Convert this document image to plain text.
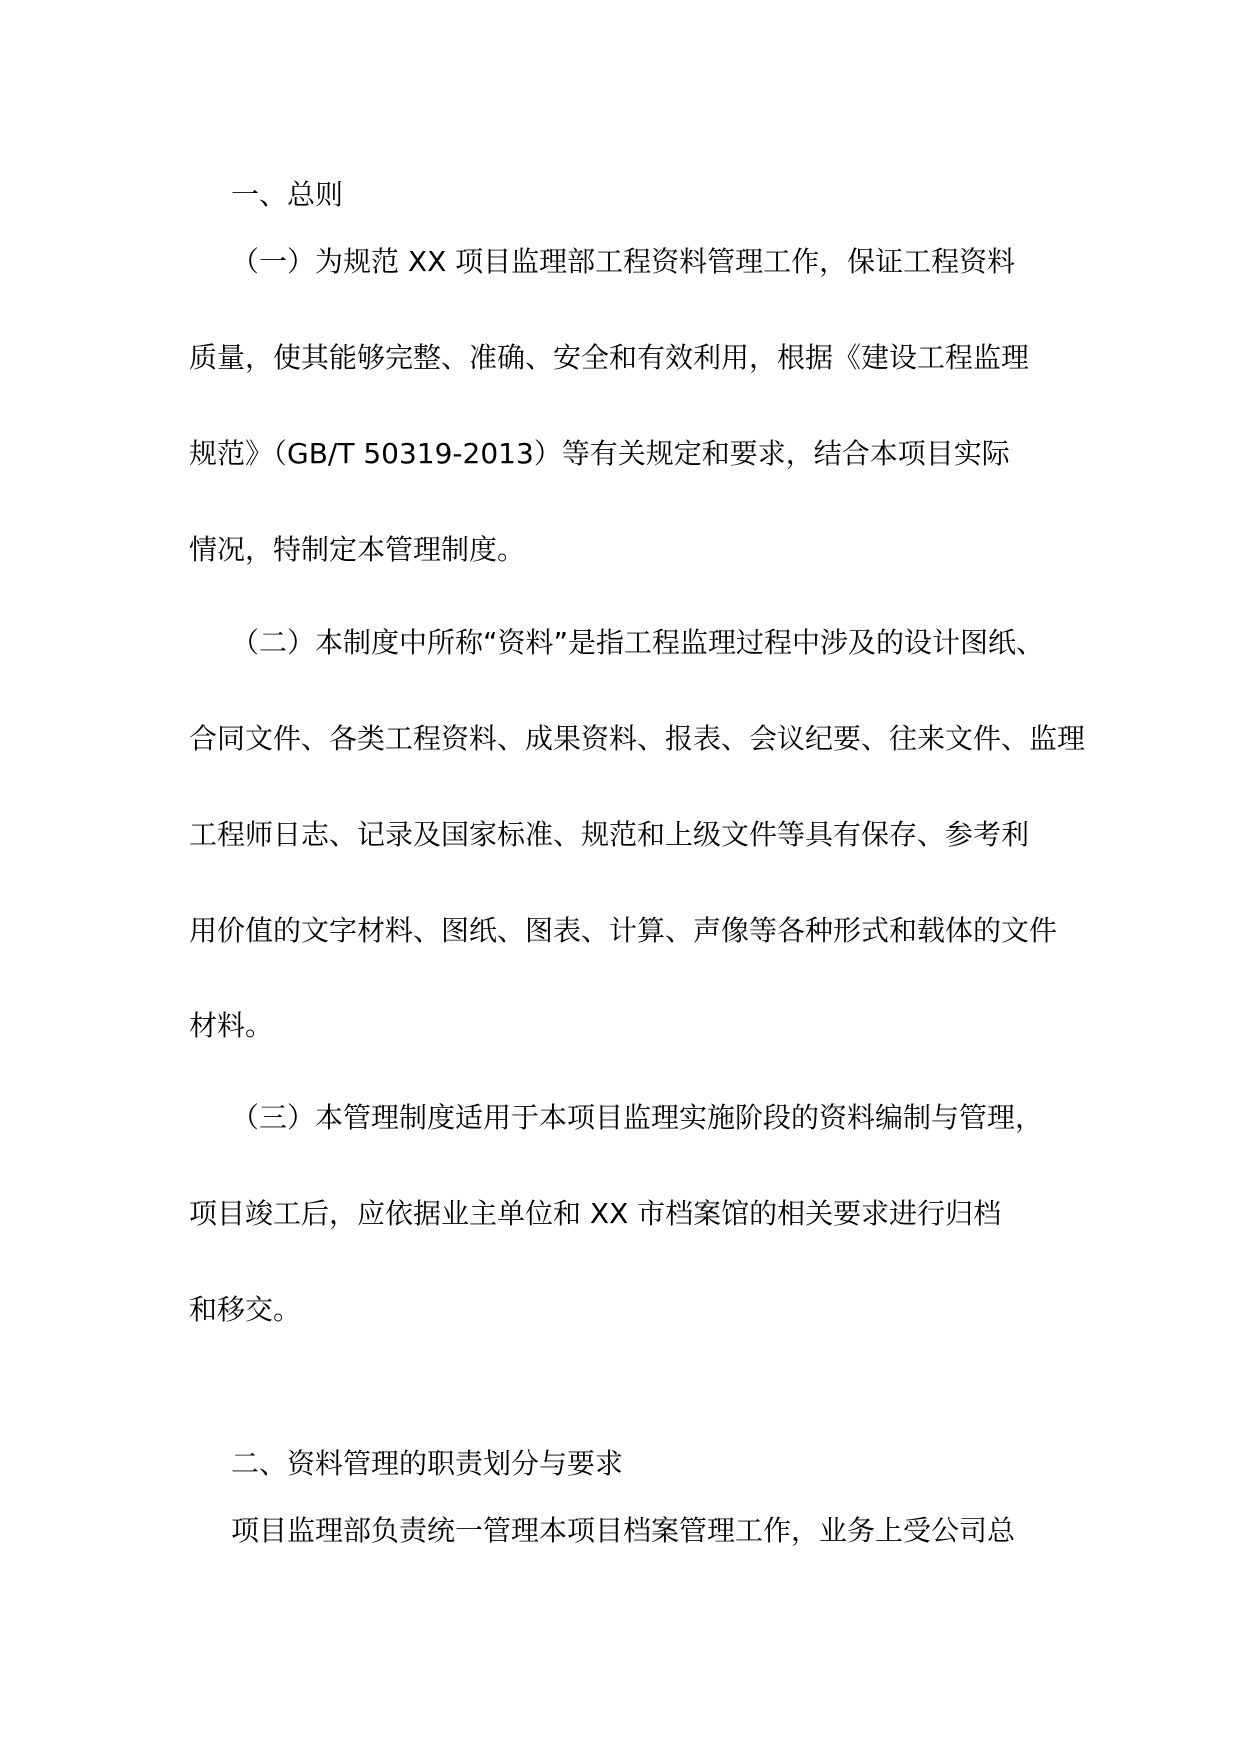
一、总则
（一）为规范 XX 项目监理部工程资料管理工作，保证工程资料
质量，使其能够完整、准确、安全和有效利用，根据《建设工程监理
规范》（GB/T 50319-2013）等有关规定和要求，结合本项目实际
情况，特制定本管理制度。
（二）本制度中所称“资料”是指工程监理过程中涉及的设计图纸、
合同文件、各类工程资料、成果资料、报表、会议纪要、往来文件、监理
工程师日志、记录及国家标准、规范和上级文件等具有保存、参考利
用价值的文字材料、图纸、图表、计算、声像等各种形式和载体的文件
材料。
（三）本管理制度适用于本项目监理实施阶段的资料编制与管理，
项目竣工后，应依据业主单位和 XX 市档案馆的相关要求进行归档
和移交。
二、资料管理的职责划分与要求
项目监理部负责统一管理本项目档案管理工作，业务上受公司总
